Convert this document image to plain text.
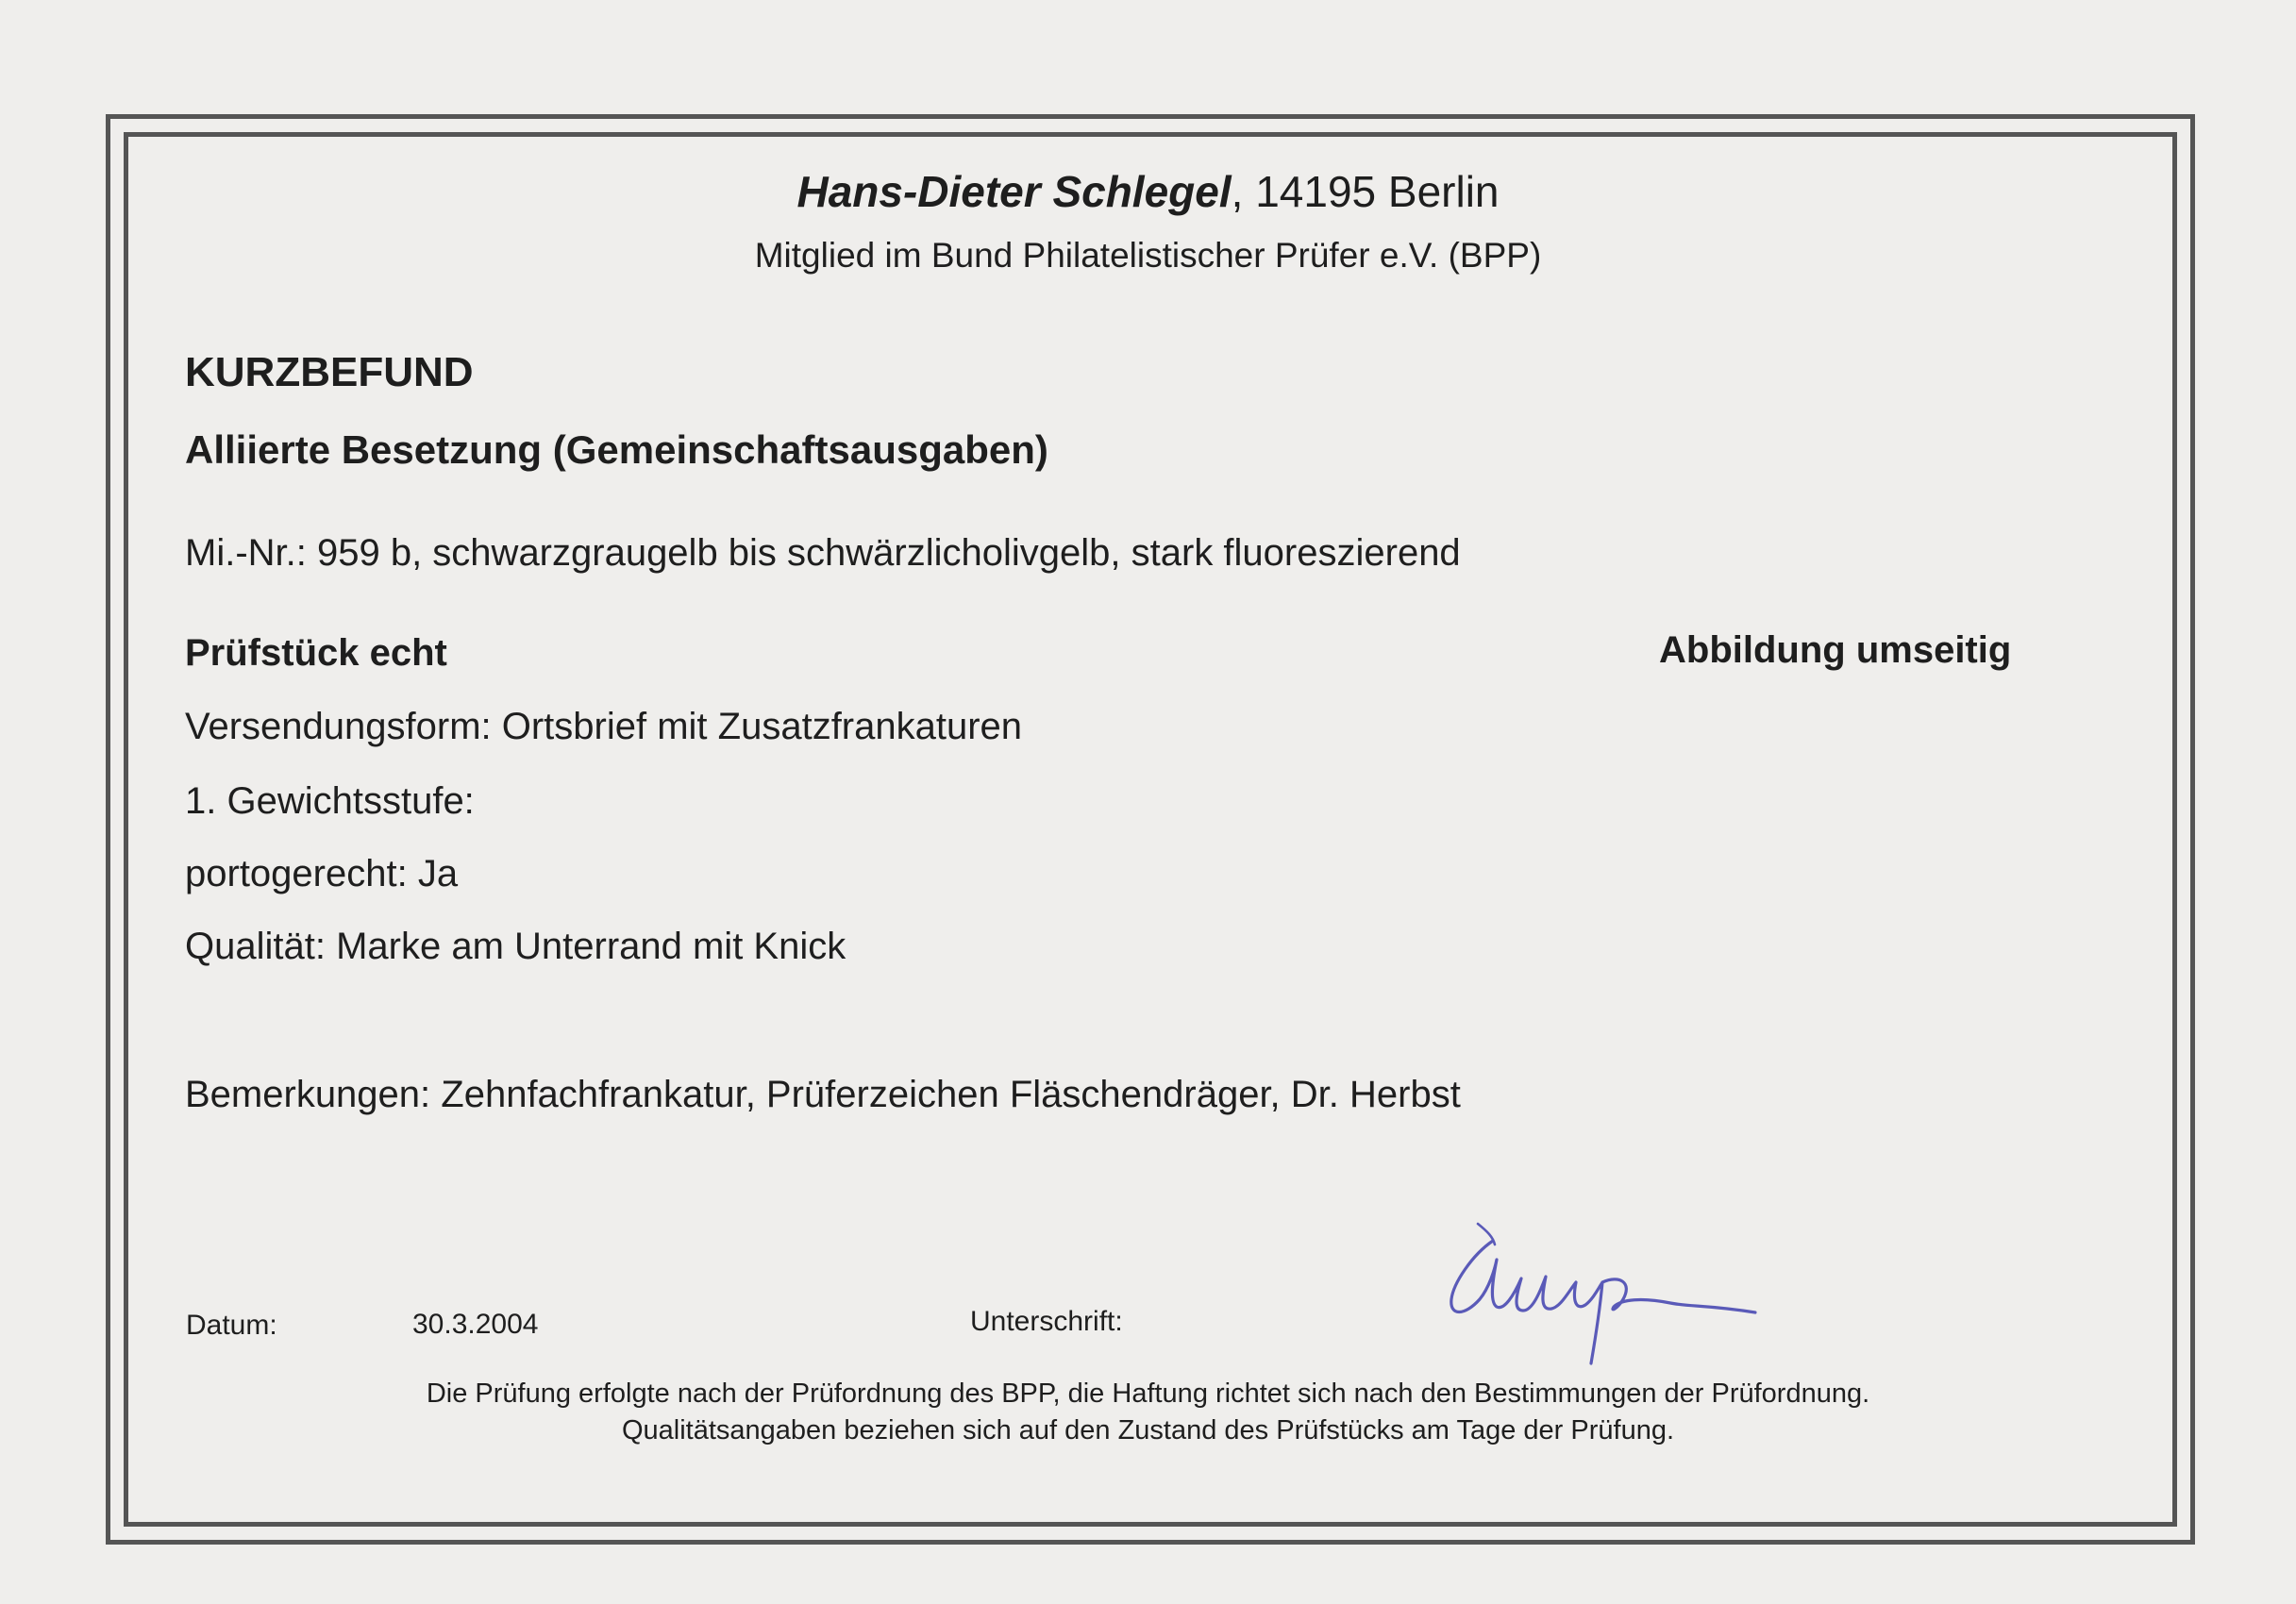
Hans-Dieter Schlegel, 14195 Berlin
Mitglied im Bund Philatelistischer Prüfer e.V. (BPP)
KURZBEFUND
Alliierte Besetzung (Gemeinschaftsausgaben)
Mi.-Nr.: 959 b, schwarzgraugelb bis schwärzlicholivgelb, stark fluoreszierend
Prüfstück echt	Abbildung umseitig
Versendungsform: Ortsbrief mit Zusatzfrankaturen
1. Gewichtsstufe:
portogerecht: Ja
Qualität: Marke am Unterrand mit Knick
Bemerkungen: Zehnfachfrankatur, Prüferzeichen Fläschendräger, Dr. Herbst
Datum:	30.3.2004	Unterschrift:
Die Prüfung erfolgte nach der Prüfordnung des BPP, die Haftung richtet sich nach den Bestimmungen der Prüfordnung.
Qualitätsangaben beziehen sich auf den Zustand des Prüfstücks am Tage der Prüfung.
